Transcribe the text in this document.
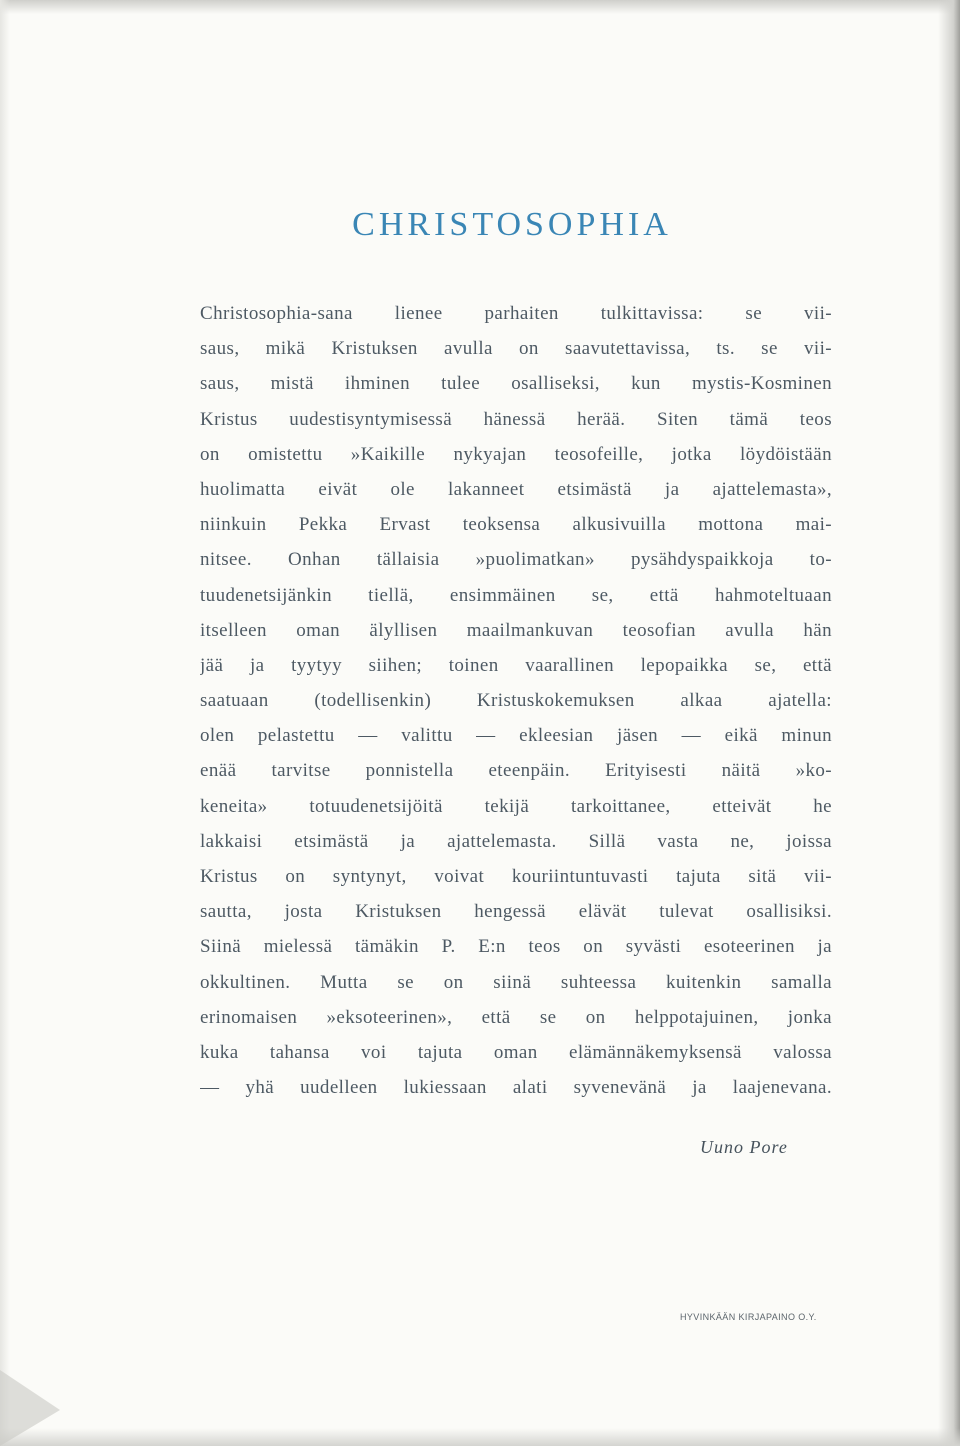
CHRISTOSOPHIA
Christosophia-sana lienee parhaiten tulkittavissa: se vii-
saus, mikä Kristuksen avulla on saavutettavissa, ts. se vii-
saus, mistä ihminen tulee osalliseksi, kun mystis-Kosminen
Kristus uudestisyntymisessä hänessä herää. Siten tämä teos
on omistettu »Kaikille nykyajan teosofeille, jotka löydöistään
huolimatta eivät ole lakanneet etsimästä ja ajattelemasta»,
niinkuin Pekka Ervast teoksensa alkusivuilla mottona mai-
nitsee. Onhan tällaisia »puolimatkan» pysähdyspaikkoja to-
tuudenetsijänkin tiellä, ensimmäinen se, että hahmoteltuaan
itselleen oman älyllisen maailmankuvan teosofian avulla hän
jää ja tyytyy siihen; toinen vaarallinen lepopaikka se, että
saatuaan (todellisenkin) Kristuskokemuksen alkaa ajatella:
olen pelastettu — valittu — ekleesian jäsen — eikä minun
enää tarvitse ponnistella eteenpäin. Erityisesti näitä »ko-
keneita» totuudenetsijöitä tekijä tarkoittanee, etteivät he
lakkaisi etsimästä ja ajattelemasta. Sillä vasta ne, joissa
Kristus on syntynyt, voivat kouriintuntuvasti tajuta sitä vii-
sautta, josta Kristuksen hengessä elävät tulevat osallisiksi.
Siinä mielessä tämäkin P. E:n teos on syvästi esoteerinen ja
okkultinen. Mutta se on siinä suhteessa kuitenkin samalla
erinomaisen »eksoteerinen», että se on helppotajuinen, jonka
kuka tahansa voi tajuta oman elämännäkemyksensä valossa
— yhä uudelleen lukiessaan alati syvenevänä ja laajenevana.
Uuno Pore
HYVINKÄÄN KIRJAPAINO O.Y.
